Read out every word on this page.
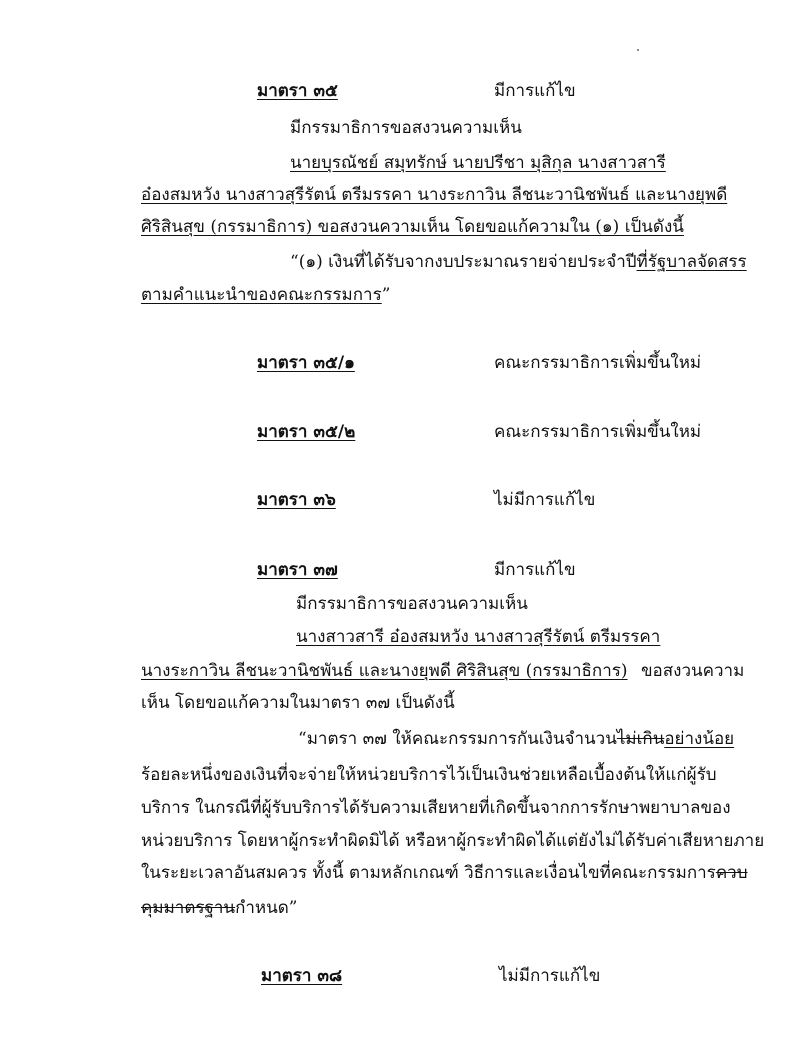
มาตรา ๓๕	มีการแก้ไข
มีกรรมาธิการขอสงวนความเห็น
นายบุรณัชย์ สมุทรักษ์ นายปรีชา มุสิกุล นางสาวสารี
อ๋องสมหวัง นางสาวสุรีรัตน์ ตรีมรรคา นางระกาวิน ลีชนะวานิชพันธ์ และนางยุพดี
ศิริสินสุข (กรรมาธิการ) ขอสงวนความเห็น โดยขอแก้ความใน (๑) เป็นดังนี้
“(๑) เงินที่ได้รับจากงบประมาณรายจ่ายประจำปีที่รัฐบาลจัดสรร
ตามคำแนะนำของคณะกรรมการ”
มาตรา ๓๕/๑	คณะกรรมาธิการเพิ่มขึ้นใหม่
มาตรา ๓๕/๒	คณะกรรมาธิการเพิ่มขึ้นใหม่
มาตรา ๓๖	ไม่มีการแก้ไข
มาตรา ๓๗	มีการแก้ไข
มีกรรมาธิการขอสงวนความเห็น
นางสาวสารี อ๋องสมหวัง นางสาวสุรีรัตน์ ตรีมรรคา
นางระกาวิน ลีชนะวานิชพันธ์ และนางยุพดี ศิริสินสุข (กรรมาธิการ) ขอสงวนความ
เห็น โดยขอแก้ความในมาตรา ๓๗ เป็นดังนี้
“มาตรา ๓๗ ให้คณะกรรมการกันเงินจำนวนไม่เกินอย่างน้อย
ร้อยละหนึ่งของเงินที่จะจ่ายให้หน่วยบริการไว้เป็นเงินช่วยเหลือเบื้องต้นให้แก่ผู้รับ
บริการ ในกรณีที่ผู้รับบริการได้รับความเสียหายที่เกิดขึ้นจากการรักษาพยาบาลของ
หน่วยบริการ โดยหาผู้กระทำผิดมิได้ หรือหาผู้กระทำผิดได้แต่ยังไม่ได้รับค่าเสียหายภาย
ในระยะเวลาอันสมควร ทั้งนี้ ตามหลักเกณฑ์ วิธีการและเงื่อนไขที่คณะกรรมการควบ
คุมมาตรฐานกำหนด”
มาตรา ๓๘	ไม่มีการแก้ไข
